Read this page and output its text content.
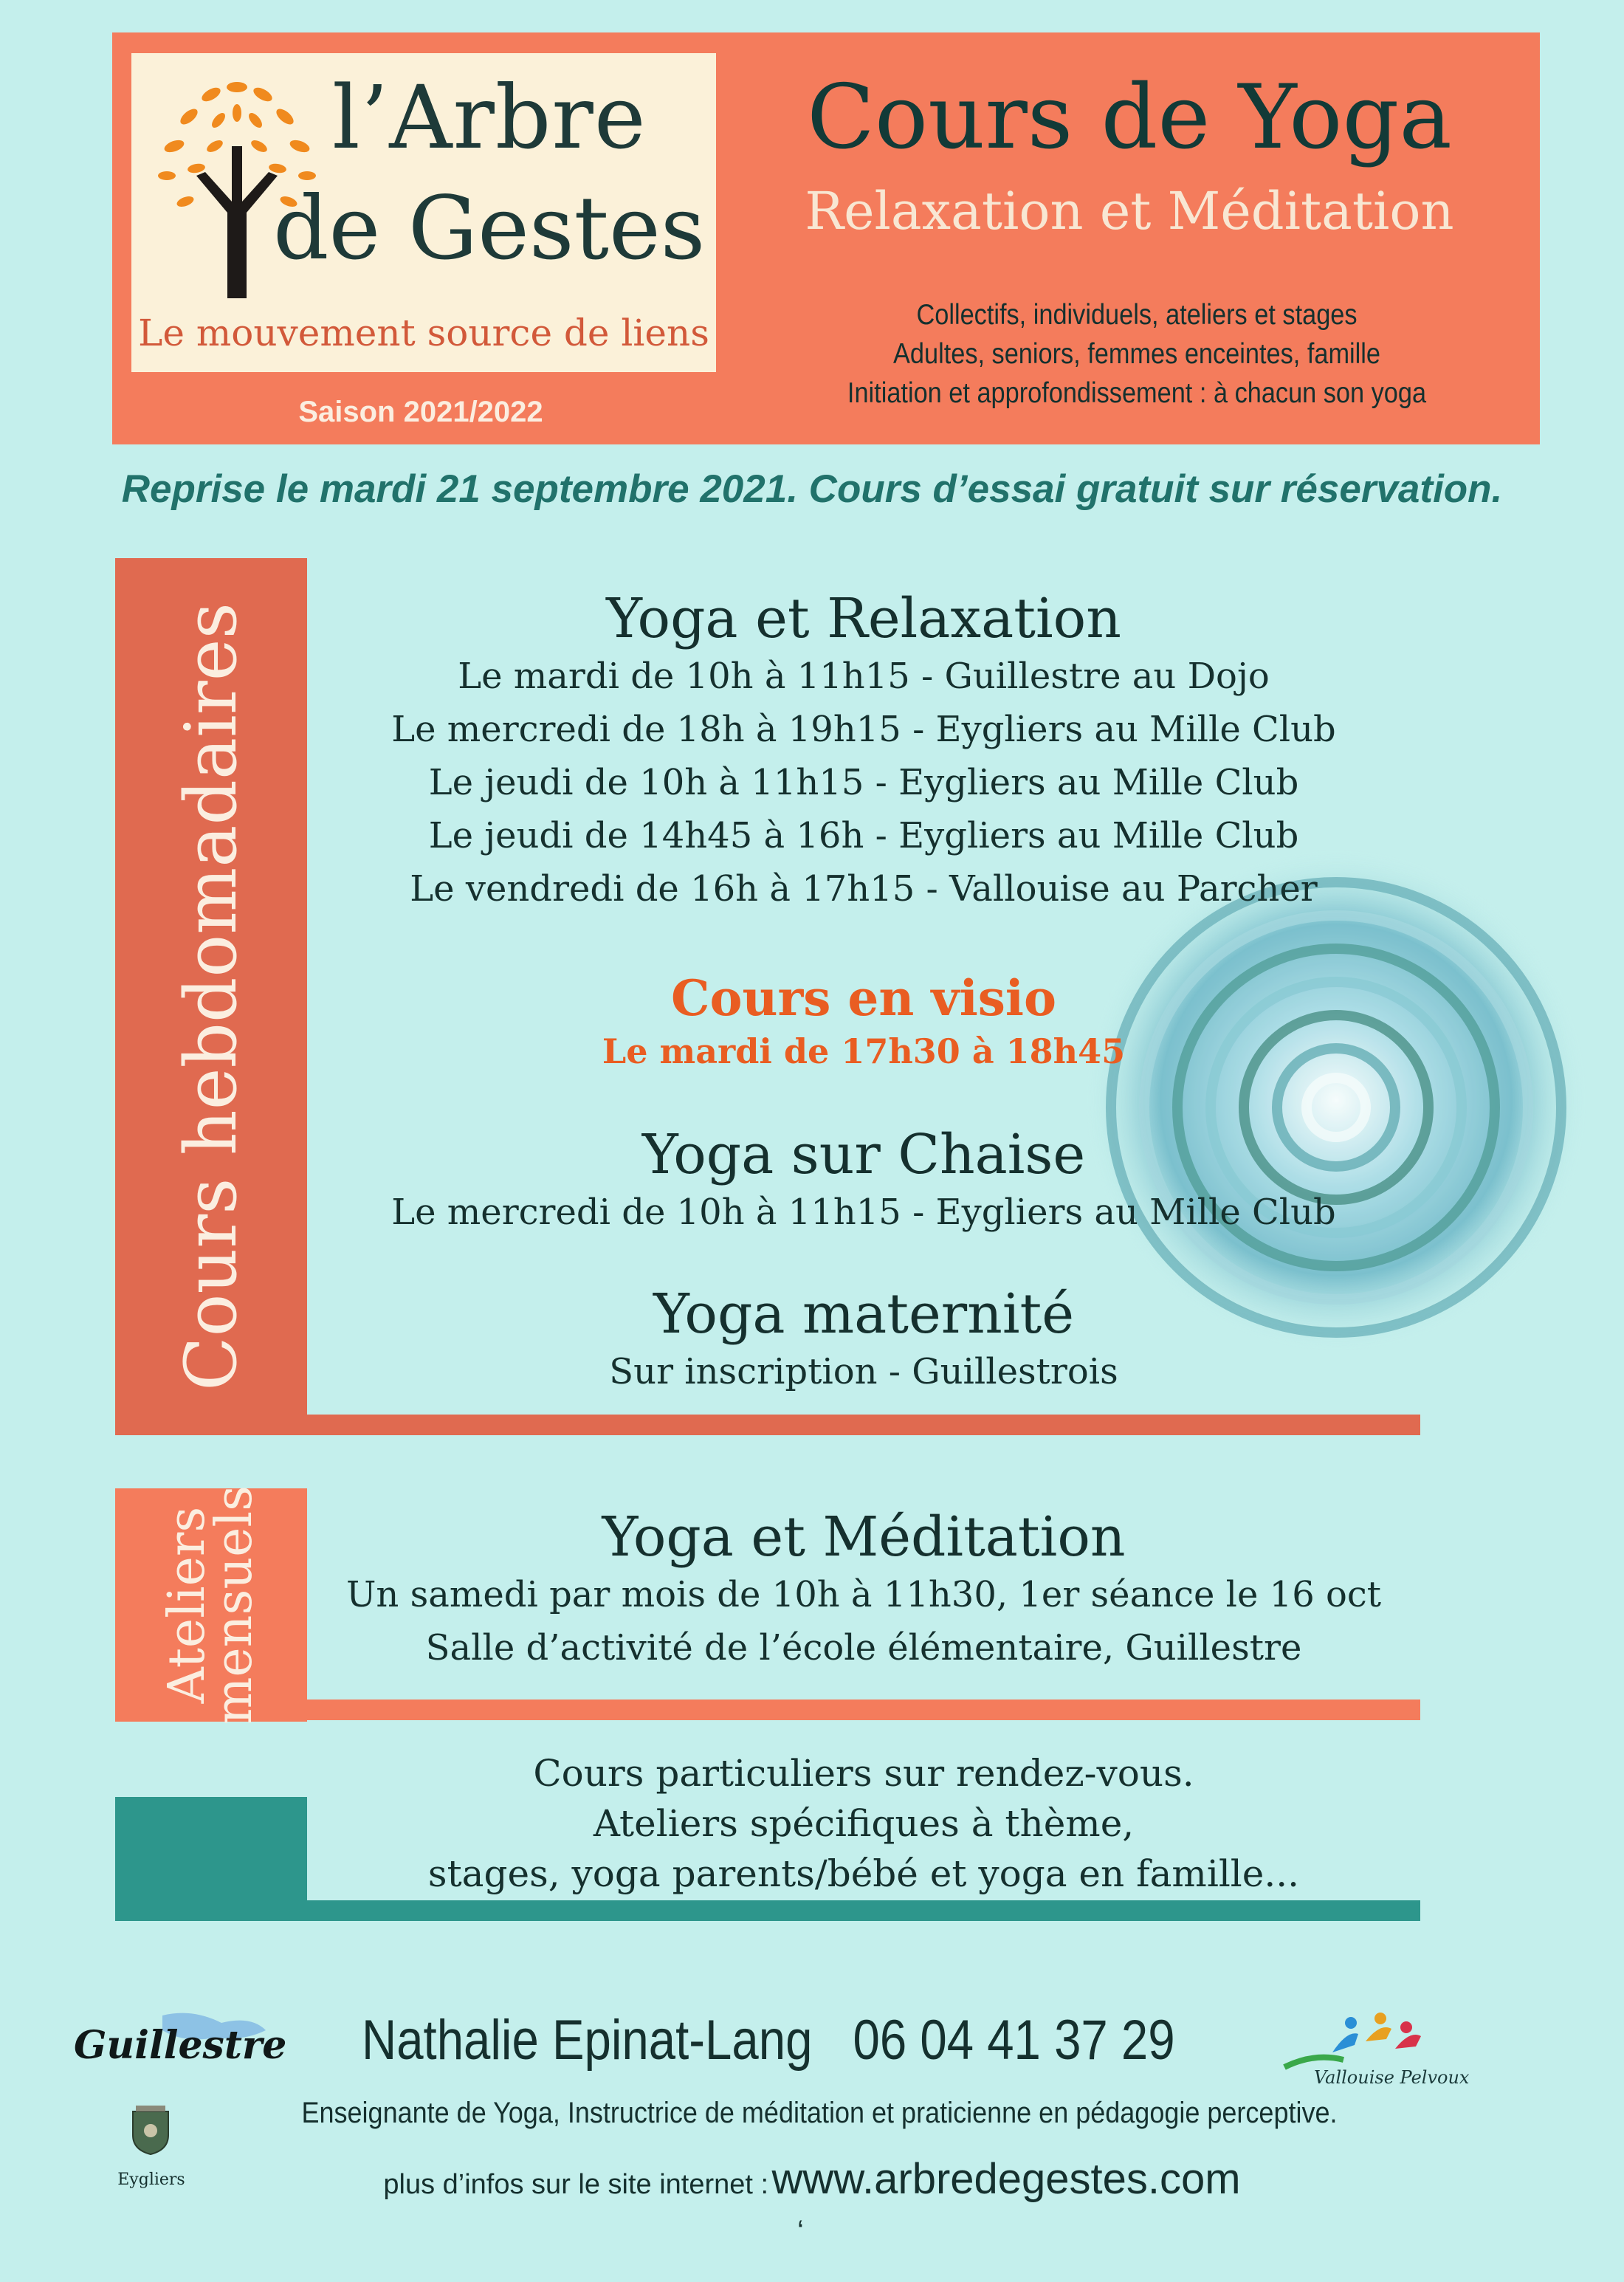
l’Arbre
de Gestes
Le mouvement source de liens
Saison 2021/2022
Cours de Yoga
Relaxation et Méditation
Collectifs, individuels, ateliers et stages
Adultes, seniors, femmes enceintes, famille
Initiation et approfondissement : à chacun son yoga
Reprise le mardi 21 septembre 2021. Cours d’essai gratuit sur réservation.
Cours hebdomadaires	Yoga et Relaxation
Le mardi de 10h à 11h15 - Guillestre au Dojo
Le mercredi de 18h à 19h15 - Eygliers au Mille Club
Le jeudi de 10h à 11h15 - Eygliers au Mille Club
Le jeudi de 14h45 à 16h - Eygliers au Mille Club
Le vendredi de 16h à 17h15 - Vallouise au Parcher
Cours en visio
Le mardi de 17h30 à 18h45
Yoga sur Chaise
Le mercredi de 10h à 11h15 - Eygliers au Mille Club
Yoga maternité
Sur inscription - Guillestrois
Ateliers
mensuels	Yoga et Méditation
Un samedi par mois de 10h à 11h30, 1er séance le 16 oct
Salle d’activité de l’école élémentaire, Guillestre
Cours particuliers sur rendez-vous.
Ateliers spécifiques à thème,
stages, yoga parents/bébé et yoga en famille...
Guillestre
Eygliers
Nathalie Epinat-Lang 06 04 41 37 29
Vallouise Pelvoux
Enseignante de Yoga, Instructrice de méditation et praticienne en pédagogie perceptive.
plus d’infos sur le site internet : www.arbredegestes.com
‘
